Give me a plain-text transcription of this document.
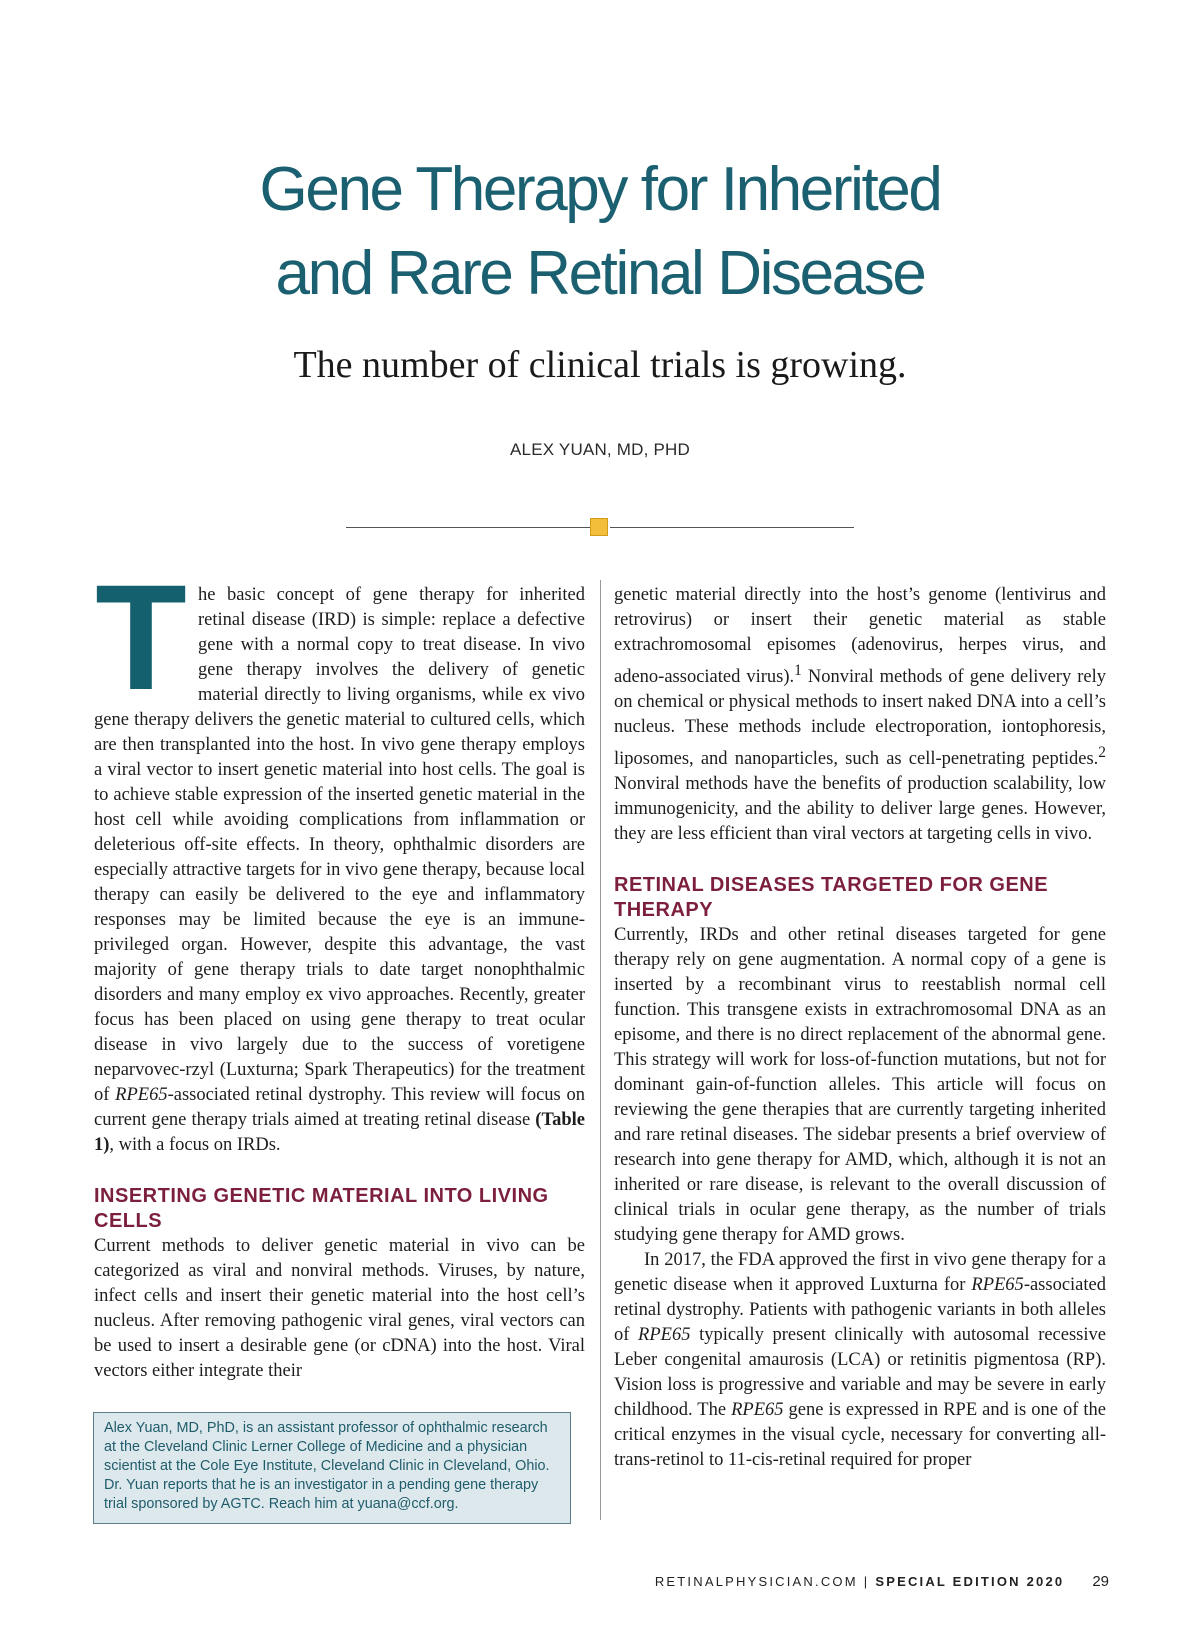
Gene Therapy for Inherited
and Rare Retinal Disease
The number of clinical trials is growing.
ALEX YUAN, MD, PHD

The basic concept of gene therapy for inherited retinal disease (IRD) is simple: replace a defective gene with a normal copy to treat disease. In vivo gene therapy involves the delivery of genetic material directly to living organisms, while ex vivo gene therapy delivers the genetic material to cultured cells, which are then transplanted into the host. In vivo gene therapy employs a viral vector to insert genetic material into host cells. The goal is to achieve stable expression of the inserted genetic material in the host cell while avoiding complications from inflammation or deleterious off-site effects. In theory, ophthalmic disorders are especially attractive targets for in vivo gene therapy, because local therapy can easily be delivered to the eye and inflammatory responses may be limited because the eye is an immune-privileged organ. However, despite this advantage, the vast majority of gene therapy trials to date target nonophthalmic disorders and many employ ex vivo approaches. Recently, greater focus has been placed on using gene therapy to treat ocular disease in vivo largely due to the success of voretigene neparvovec-rzyl (Luxturna; Spark Therapeutics) for the treatment of RPE65-associated retinal dystrophy. This review will focus on current gene therapy trials aimed at treating retinal disease (Table 1), with a focus on IRDs.

INSERTING GENETIC MATERIAL INTO LIVING CELLS

Current methods to deliver genetic material in vivo can be categorized as viral and nonviral methods. Viruses, by nature, infect cells and insert their genetic material into the host cell’s nucleus. After removing pathogenic viral genes, viral vectors can be used to insert a desirable gene (or cDNA) into the host. Viral vectors either integrate their

genetic material directly into the host’s genome (lentivirus and retrovirus) or insert their genetic material as stable extrachromosomal episomes (adenovirus, herpes virus, and adeno-associated virus).$^1$ Nonviral methods of gene delivery rely on chemical or physical methods to insert naked DNA into a cell’s nucleus. These methods include electroporation, iontophoresis, liposomes, and nanoparticles, such as cell-penetrating peptides.$^2$ Nonviral methods have the benefits of production scalability, low immunogenicity, and the ability to deliver large genes. However, they are less efficient than viral vectors at targeting cells in vivo.

RETINAL DISEASES TARGETED FOR GENE THERAPY

Currently, IRDs and other retinal diseases targeted for gene therapy rely on gene augmentation. A normal copy of a gene is inserted by a recombinant virus to reestablish normal cell function. This transgene exists in extrachromosomal DNA as an episome, and there is no direct replacement of the abnormal gene. This strategy will work for loss-of-function mutations, but not for dominant gain-of-function alleles. This article will focus on reviewing the gene therapies that are currently targeting inherited and rare retinal diseases. The sidebar presents a brief overview of research into gene therapy for AMD, which, although it is not an inherited or rare disease, is relevant to the overall discussion of clinical trials in ocular gene therapy, as the number of trials studying gene therapy for AMD grows.

In 2017, the FDA approved the first in vivo gene therapy for a genetic disease when it approved Luxturna for RPE65-associated retinal dystrophy. Patients with pathogenic variants in both alleles of RPE65 typically present clinically with autosomal recessive Leber congenital amaurosis (LCA) or retinitis pigmentosa (RP). Vision loss is progressive and variable and may be severe in early childhood. The RPE65 gene is expressed in RPE and is one of the critical enzymes in the visual cycle, necessary for converting all-trans-retinol to 11-cis-retinal required for proper

Alex Yuan, MD, PhD, is an assistant professor of ophthalmic research at the Cleveland Clinic Lerner College of Medicine and a physician scientist at the Cole Eye Institute, Cleveland Clinic in Cleveland, Ohio. Dr. Yuan reports that he is an investigator in a pending gene therapy trial sponsored by AGTC. Reach him at yuana@ccf.org.
RETINALPHYSICIAN.COM | SPECIAL EDITION 2020 29
